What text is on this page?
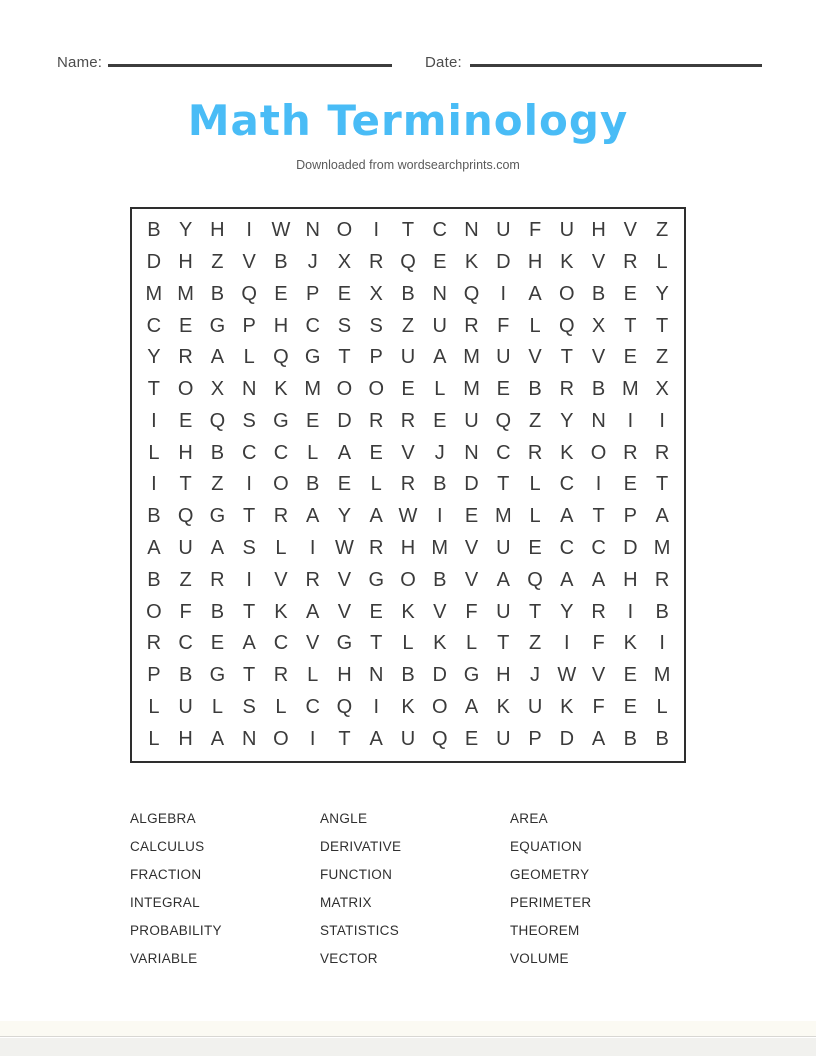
Name:	Date:
Math Terminology
Downloaded from wordsearchprints.com
B Y H	I W N O	I	T C N U F U H V Z
D H Z V B	J	X R Q E K D H K V R L
M M B Q E P E X B N Q	I	A O B E Y
C E G P H C S S Z U R F	L Q X T T
Y R A L Q G T P U A M U V T V E Z
T O X N K M O O E L M E B R B M X
I	E Q S G E D R R E U Q Z Y N	I	I
L H B C C L A E V	J N C R K O R R
I	T Z	I	O B E L R B D T	L C	I	E T
B Q G T R A Y A W I	E M L A T P A
A U A S L	I W R H M V U E C C D M
B Z R	I	V R V G O B V A Q A A H R
O F B T K A V E K V F U T Y R	I	B
R C E A C V G T	L K L	T Z	I	F K	I
P B G T R L H N B D G H J W V E M
L U L S L C Q	I	K O A K U K F E L
L H A N O	I	T A U Q E U P D A B B
ALGEBRA
CALCULUS
FRACTION
INTEGRAL
PROBABILITY
VARIABLE
ANGLE
DERIVATIVE
FUNCTION
MATRIX
STATISTICS
VECTOR
AREA
EQUATION
GEOMETRY
PERIMETER
THEOREM
VOLUME
